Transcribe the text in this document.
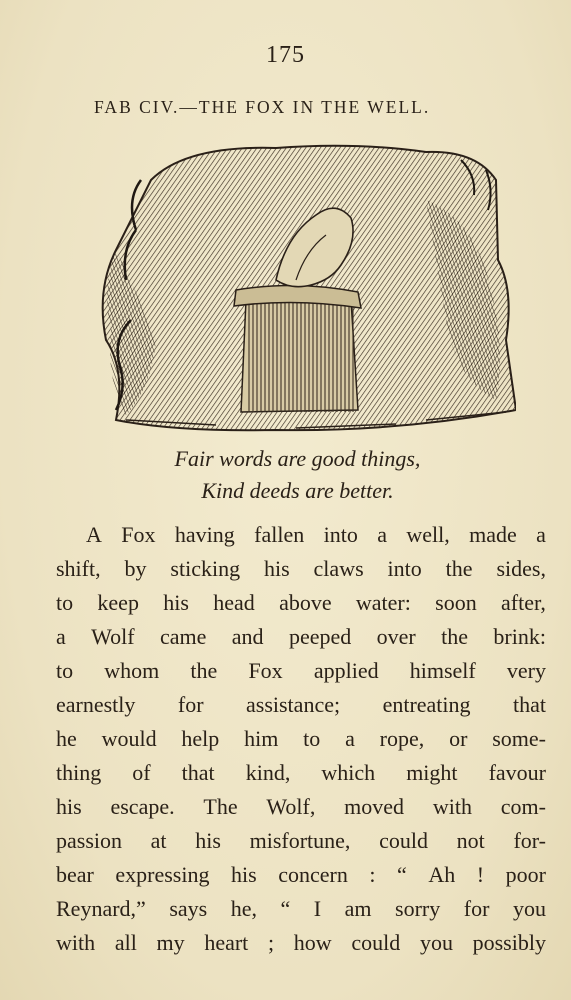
175
FAB CIV.—THE FOX IN THE WELL.
Fair words are good things,
Kind deeds are better.
A Fox having fallen into a well, made a
shift, by sticking his claws into the sides,
to keep his head above water: soon after,
a Wolf came and peeped over the brink:
to whom the Fox applied himself very
earnestly for assistance; entreating that
he would help him to a rope, or some-
thing of that kind, which might favour
his escape. The Wolf, moved with com-
passion at his misfortune, could not for-
bear expressing his concern : “ Ah ! poor
Reynard,” says he, “ I am sorry for you
with all my heart ; how could you possibly
